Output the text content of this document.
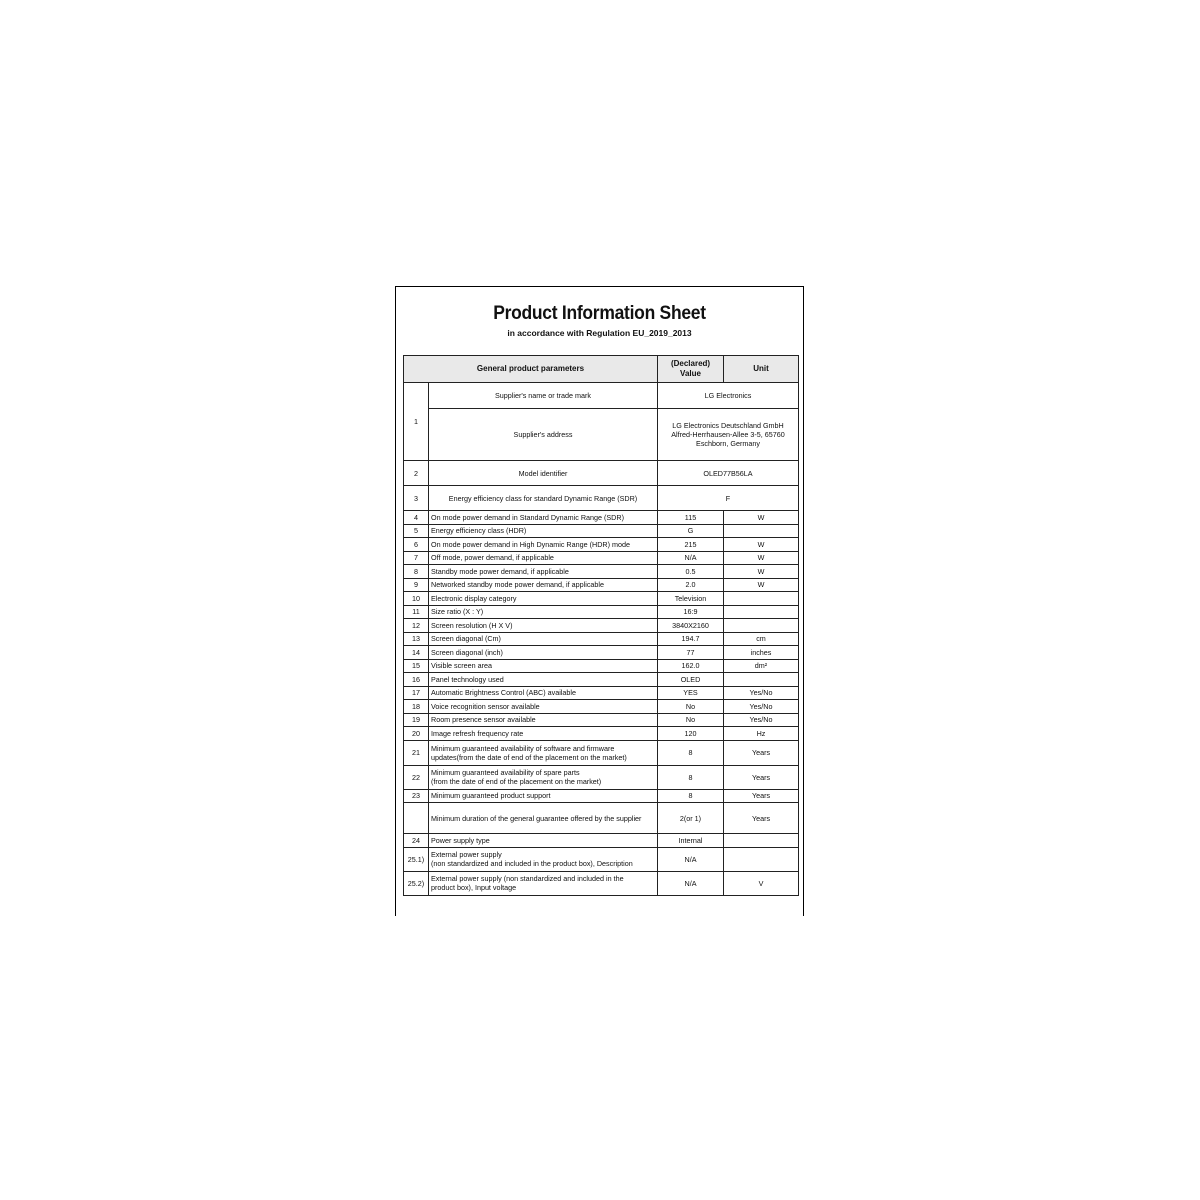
Product Information Sheet
in accordance with Regulation EU_2019_2013
General product parameters		(Declared)
Value	Unit
1	Supplier's name or trade mark	LG Electronics	
	Supplier's address	LG Electronics Deutschland GmbH
Alfred-Herrhausen-Allee 3-5, 65760
Eschborn, Germany	

2	Model identifier	OLED77B56LA	
3	Energy efficiency class for standard Dynamic Range (SDR)	F	
4	On mode power demand in Standard Dynamic Range (SDR)	115	W
5	Energy efficiency class (HDR)	G	
6	On mode power demand in High Dynamic Range (HDR) mode	215	W
7	Off mode, power demand, if applicable	N/A	W
8	Standby mode power demand, if applicable	0.5	W
9	Networked standby mode power demand, if applicable	2.0	W
10	Electronic display category	Television	
11	Size ratio (X : Y)	16:9	
12	Screen resolution (H X V)	3840X2160	
13	Screen diagonal (Cm)	194.7	cm
14	Screen diagonal (inch)	77	inches
15	Visible screen area	162.0	dm²
16	Panel technology used	OLED	
17	Automatic Brightness Control (ABC) available	YES	Yes/No
18	Voice recognition sensor available	No	Yes/No
19	Room presence sensor available	No	Yes/No
20	Image refresh frequency rate	120	Hz
21	Minimum guaranteed availability of software and firmware
updates(from the date of end of the placement on the market)	8	Years
22	Minimum guaranteed availability of spare parts
(from the date of end of the placement on the market)	8	Years
23	Minimum guaranteed product support	8	Years
	Minimum duration of the general guarantee offered by the supplier	2(or 1)	Years
24	Power supply type	Internal	
25.1)	External power supply
(non standardized and included in the product box), Description	N/A	
25.2)	External power supply (non standardized and included in the
product box), Input voltage	N/A	V
